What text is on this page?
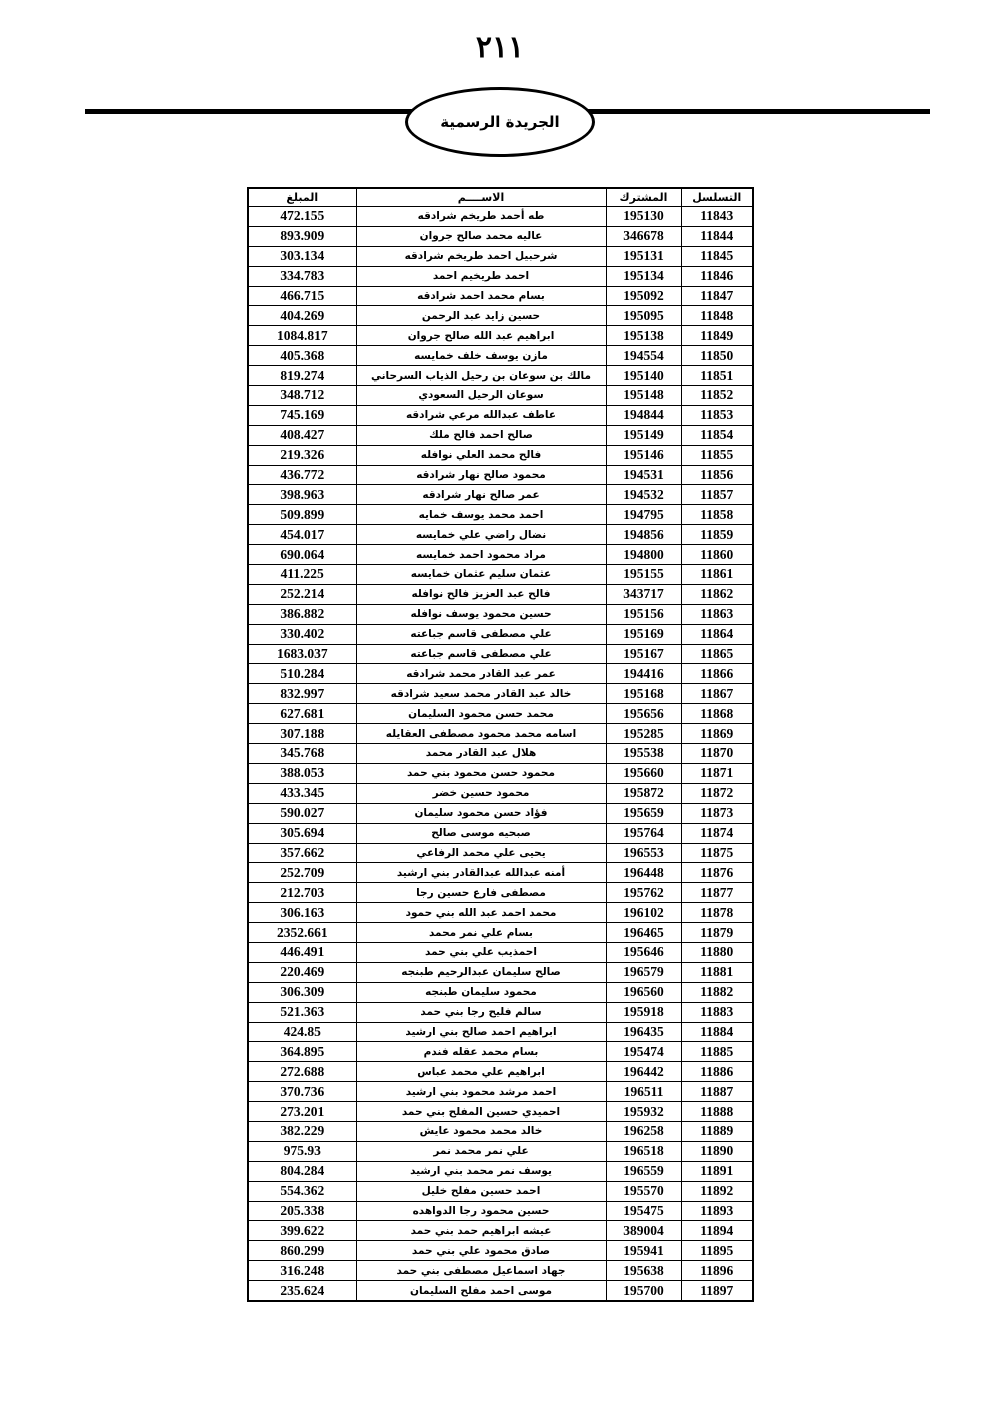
٢١١
الجريدة الرسمية
التسلسل	المشترك	الاســــم	المبلغ
11843	195130	طه أحمد طريخم شرادقه	472.155
11844	346678	عاليه محمد صالح جروان	893.909
11845	195131	شرحبيل احمد طريخم شرادقه	303.134
11846	195134	احمد طريخيم احمد	334.783
11847	195092	بسام محمد احمد شرادقه	466.715
11848	195095	حسين زايد عبد الرحمن	404.269
11849	195138	ابراهيم عبد الله صالح جروان	1084.817
11850	194554	مازن يوسف خلف خمايسه	405.368
11851	195140	مالك بن سوعان بن رحيل الذياب السرحاني	819.274
11852	195148	سوعان الرحيل السعودي	348.712
11853	194844	عاطف عبدالله مرعي شرادقه	745.169
11854	195149	صالح احمد فالح ملك	408.427
11855	195146	فالح محمد العلي نوافله	219.326
11856	194531	محمود صالح نهار شرادقه	436.772
11857	194532	عمر صالح نهار شرادقه	398.963
11858	194795	احمد محمد يوسف خمايه	509.899
11859	194856	نضال راضي علي خمايسه	454.017
11860	194800	مراد محمود احمد خمايسه	690.064
11861	195155	عثمان سليم عثمان خمايسه	411.225
11862	343717	فالح عبد العزيز فالح نوافله	252.214
11863	195156	حسين محمود يوسف نوافله	386.882
11864	195169	علي مصطفى قاسم جباعته	330.402
11865	195167	علي مصطفى قاسم جباعته	1683.037
11866	194416	عمر عبد القادر محمد شرادقه	510.284
11867	195168	خالد عبد القادر محمد سعيد شرادقه	832.997
11868	195656	محمد حسن محمود السليمان	627.681
11869	195285	اسامه محمد محمود مصطفى العقايله	307.188
11870	195538	هلال عبد القادر محمد	345.768
11871	195660	محمود حسن محمود بني حمد	388.053
11872	195872	محمود حسين خضر	433.345
11873	195659	فؤاد حسن محمود سليمان	590.027
11874	195764	صبحيه موسى صالح	305.694
11875	196553	يحيى علي محمد الرفاعي	357.662
11876	196448	أمنه عبدالله عبدالقادر بني ارشيد	252.709
11877	195762	مصطفى فارع حسين رجا	212.703
11878	196102	محمد احمد عبد الله بني حمود	306.163
11879	196465	بسام علي نمر محمد	2352.661
11880	195646	احمذيب علي بني حمد	446.491
11881	196579	صالح سليمان عبدالرحيم طبنجه	220.469
11882	196560	محمود سليمان طبنجه	306.309
11883	195918	سالم فليح رجا بني حمد	521.363
11884	196435	ابراهيم احمد صالح بني ارشيد	424.85
11885	195474	بسام محمد عقله فندم	364.895
11886	196442	ابراهيم علي محمد عباس	272.688
11887	196511	احمد مرشد محمود بني ارشيد	370.736
11888	195932	احميدي حسين المفلح بني حمد	273.201
11889	196258	خالد محمد محمود عايش	382.229
11890	196518	علي نمر محمد نمر	975.93
11891	196559	يوسف نمر محمد بني ارشيد	804.284
11892	195570	احمد حسين مفلح خليل	554.362
11893	195475	حسين محمود رجا الدواهده	205.338
11894	389004	عيشه ابراهيم حمد بني حمد	399.622
11895	195941	صادق محمود علي بني حمد	860.299
11896	195638	جهاد اسماعيل مصطفى بني حمد	316.248
11897	195700	موسى احمد مفلح السليمان	235.624
